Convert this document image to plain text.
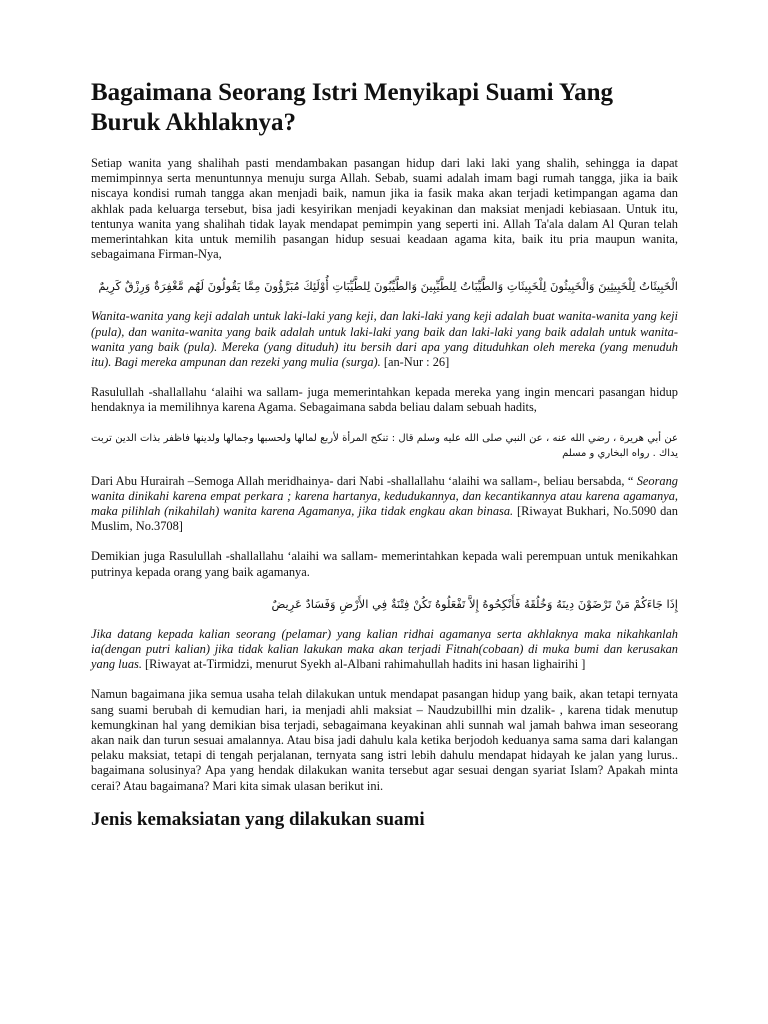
Bagaimana Seorang Istri Menyikapi Suami Yang Buruk Akhlaknya?

Setiap wanita yang shalihah pasti mendambakan pasangan hidup dari laki laki yang shalih, sehingga ia dapat memimpinnya serta menuntunnya menuju surga Allah. Sebab, suami adalah imam bagi rumah tangga, jika ia baik niscaya kondisi rumah tangga akan menjadi baik, namun jika ia fasik maka akan terjadi ketimpangan agama dan akhlak pada keluarga tersebut, bisa jadi kesyirikan menjadi keyakinan dan maksiat menjadi kebiasaan. Untuk itu, tentunya wanita yang shalihah tidak layak mendapat pemimpin yang seperti ini. Allah Ta'ala dalam Al Quran telah memerintahkan kita untuk memilih pasangan hidup sesuai keadaan agama kita, baik itu pria maupun wanita, sebagaimana Firman-Nya,

الْخَبِيثَاتُ لِلْخَبِيثِينَ وَالْخَبِيثُونَ لِلْخَبِيثَاتِ وَالطَّيِّبَاتُ لِلطَّيِّبِينَ وَالطَّيِّبُونَ لِلطَّيِّبَاتِ أُوْلَئِكَ مُبَرَّؤُونَ مِمَّا يَقُولُونَ لَهُم مَّغْفِرَةٌ وَرِزْقٌ كَرِيمٌ

Wanita-wanita yang keji adalah untuk laki-laki yang keji, dan laki-laki yang keji adalah buat wanita-wanita yang keji (pula), dan wanita-wanita yang baik adalah untuk laki-laki yang baik dan laki-laki yang baik adalah untuk wanita-wanita yang baik (pula). Mereka (yang dituduh) itu bersih dari apa yang dituduhkan oleh mereka (yang menuduh itu). Bagi mereka ampunan dan rezeki yang mulia (surga). [an-Nur : 26]

Rasulullah -shallallahu ‘alaihi wa sallam- juga memerintahkan kepada mereka yang ingin mencari pasangan hidup hendaknya ia memilihnya karena Agama. Sebagaimana sabda beliau dalam sebuah hadits,

عن أبي هريرة ، رضي الله عنه ، عن النبي صلى الله عليه وسلم قال : تنكح المرأة لأربع لمالها ولحسبها وجمالها ولدينها فاظفر بذات الدين تربت يداك . رواه البخاري و مسلم

Dari Abu Hurairah –Semoga Allah meridhainya- dari Nabi -shallallahu ‘alaihi wa sallam-, beliau bersabda, “ Seorang wanita dinikahi karena empat perkara ; karena hartanya, kedudukannya, dan kecantikannya atau karena agamanya, maka pilihlah (nikahilah) wanita karena Agamanya, jika tidak engkau akan binasa. [Riwayat Bukhari, No.5090 dan Muslim, No.3708]

Demikian juga Rasulullah -shallallahu ‘alaihi wa sallam- memerintahkan kepada wali perempuan untuk menikahkan putrinya kepada orang yang baik agamanya.

إِذَا جَاءَكُمْ مَنْ تَرْضَوْنَ دِينَهُ وَخُلُقَهُ فَأَنْكِحُوهُ إِلاَّ تَفْعَلُوهُ تَكُنْ فِتْنَةٌ فِي الأَرْضِ وَفَسَادٌ عَرِيضٌ

Jika datang kepada kalian seorang (pelamar) yang kalian ridhai agamanya serta akhlaknya maka nikahkanlah ia(dengan putri kalian) jika tidak kalian lakukan maka akan terjadi Fitnah(cobaan) di muka bumi dan kerusakan yang luas. [Riwayat at-Tirmidzi, menurut Syekh al-Albani rahimahullah hadits ini hasan lighairihi ]

Namun bagaimana jika semua usaha telah dilakukan untuk mendapat pasangan hidup yang baik, akan tetapi ternyata sang suami berubah di kemudian hari, ia menjadi ahli maksiat – Naudzubillhi min dzalik- , karena tidak menutup kemungkinan hal yang demikian bisa terjadi, sebagaimana keyakinan ahli sunnah wal jamah bahwa iman seseorang akan naik dan turun sesuai amalannya. Atau bisa jadi dahulu kala ketika berjodoh keduanya sama sama dari kalangan pelaku maksiat, tetapi di tengah perjalanan, ternyata sang istri lebih dahulu mendapat hidayah ke jalan yang lurus.. bagaimana solusinya? Apa yang hendak dilakukan wanita tersebut agar sesuai dengan syariat Islam? Apakah minta cerai? Atau bagaimana? Mari kita simak ulasan berikut ini.

Jenis kemaksiatan yang dilakukan suami
